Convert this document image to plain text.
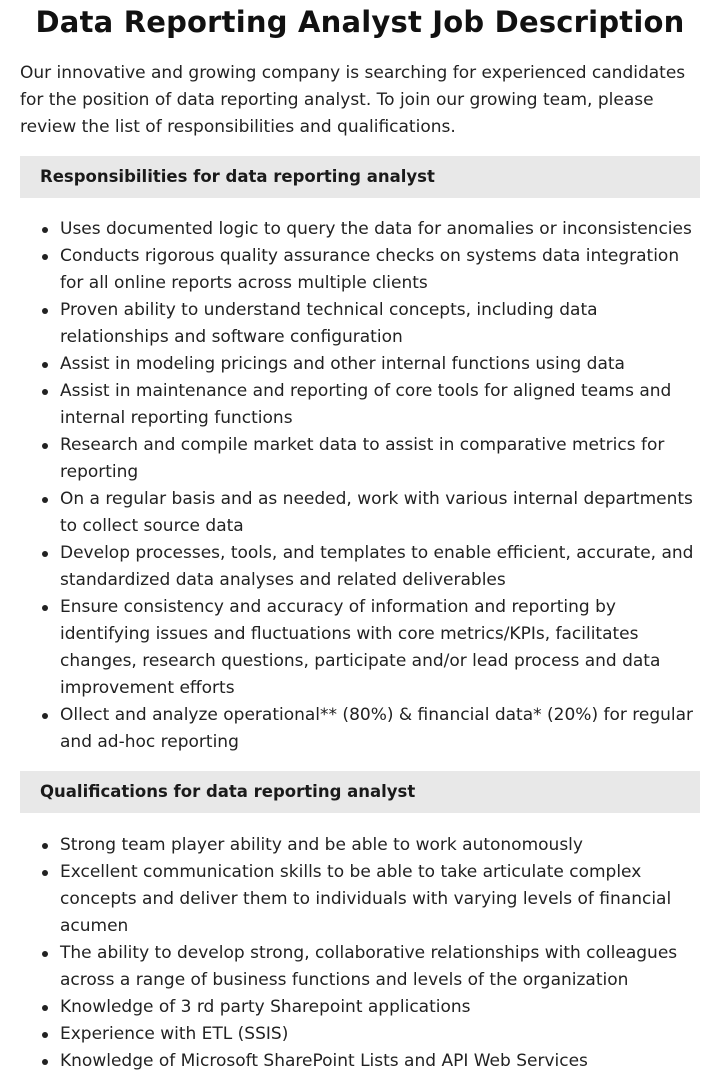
Data Reporting Analyst Job Description

Our innovative and growing company is searching for experienced candidates for the position of data reporting analyst. To join our growing team, please review the list of responsibilities and qualifications.

Responsibilities for data reporting analyst
Uses documented logic to query the data for anomalies or inconsistencies
Conducts rigorous quality assurance checks on systems data integration for all online reports across multiple clients
Proven ability to understand technical concepts, including data relationships and software configuration
Assist in modeling pricings and other internal functions using data
Assist in maintenance and reporting of core tools for aligned teams and internal reporting functions
Research and compile market data to assist in comparative metrics for reporting
On a regular basis and as needed, work with various internal departments to collect source data
Develop processes, tools, and templates to enable efficient, accurate, and standardized data analyses and related deliverables
Ensure consistency and accuracy of information and reporting by identifying issues and fluctuations with core metrics/KPIs, facilitates changes, research questions, participate and/or lead process and data improvement efforts
Ollect and analyze operational** (80%) & financial data* (20%) for regular and ad-hoc reporting
Qualifications for data reporting analyst
Strong team player ability and be able to work autonomously
Excellent communication skills to be able to take articulate complex concepts and deliver them to individuals with varying levels of financial acumen
The ability to develop strong, collaborative relationships with colleagues across a range of business functions and levels of the organization
Knowledge of 3 rd party Sharepoint applications
Experience with ETL (SSIS)
Knowledge of Microsoft SharePoint Lists and API Web Services
